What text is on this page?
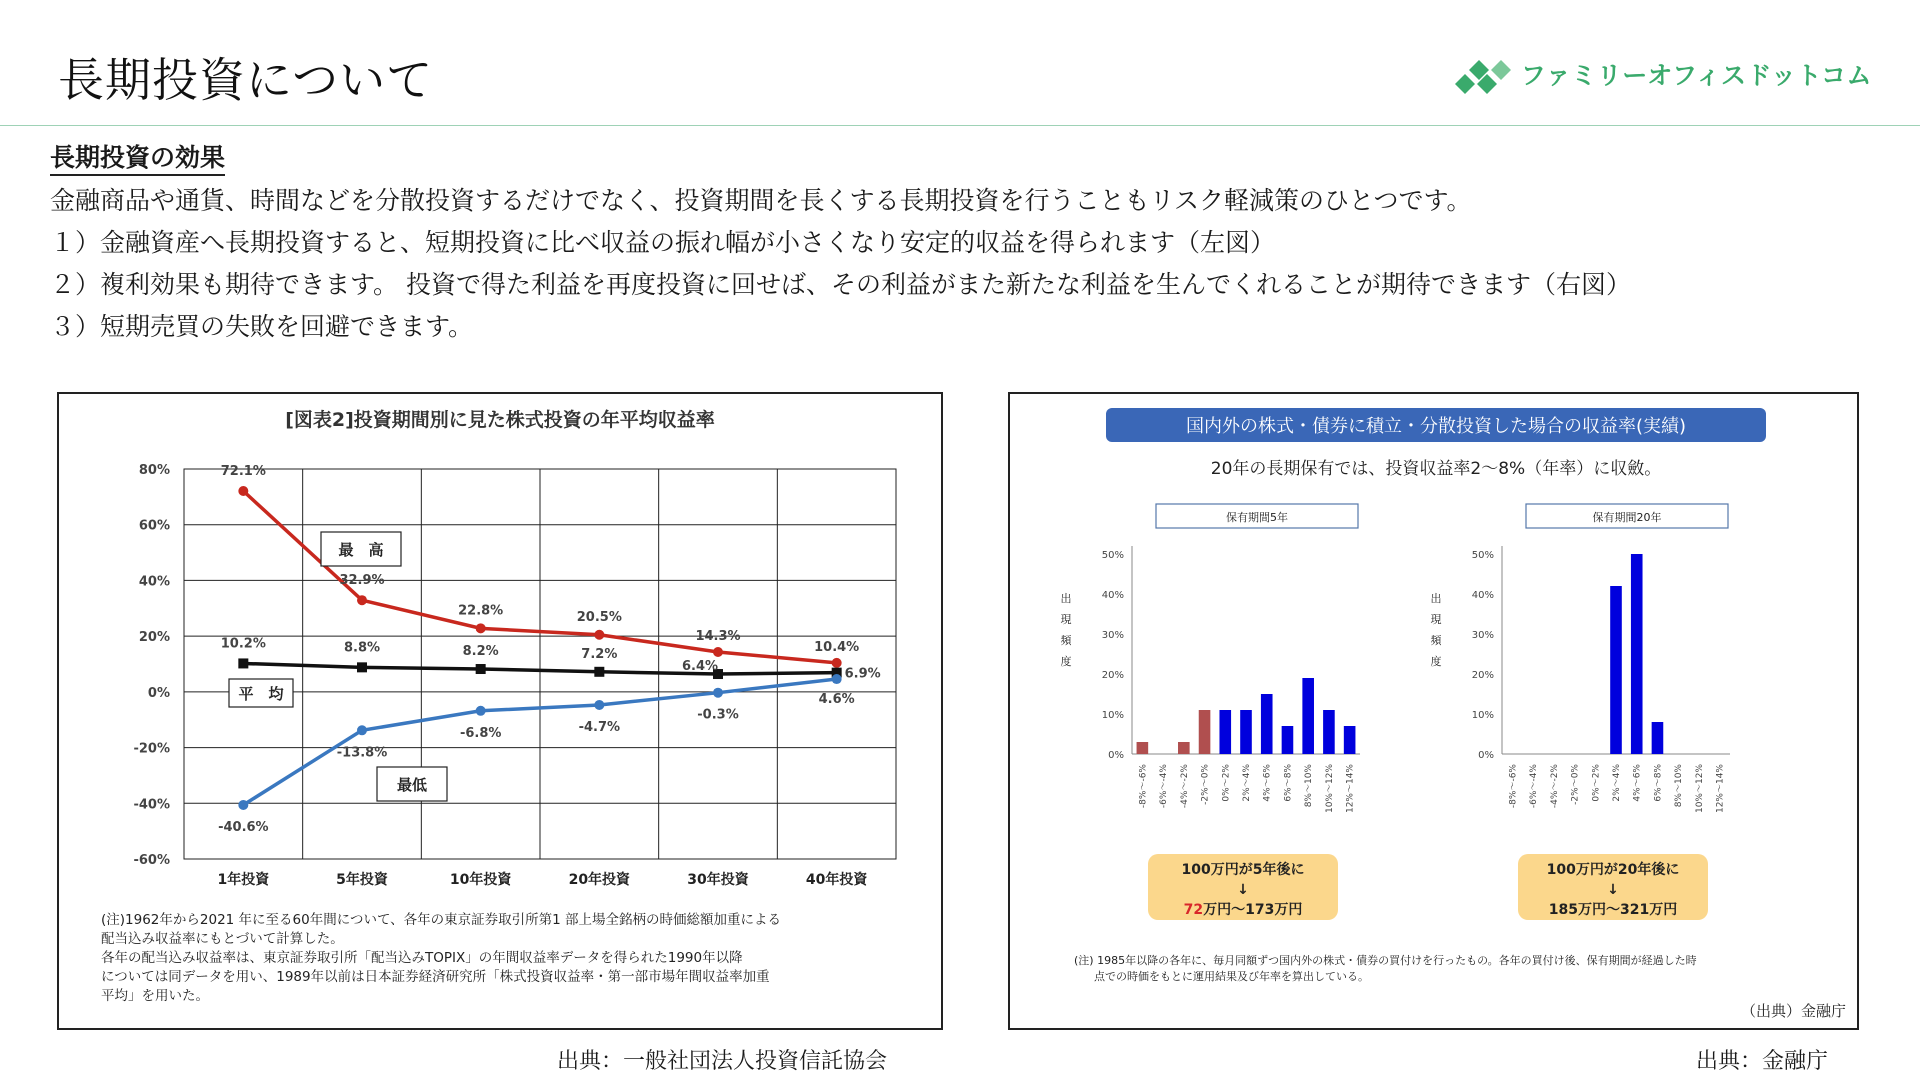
長期投資について	ファミリーオフィスドットコム
長期投資の効果
金融商品や通貨、時間などを分散投資するだけでなく、投資期間を長くする長期投資を行うこともリスク軽減策のひとつです。
１）金融資産へ長期投資すると、短期投資に比べ収益の振れ幅が小さくなり安定的収益を得られます（左図）
２）複利効果も期待できます。 投資で得た利益を再度投資に回せば、その利益がまた新たな利益を生んでくれることが期待できます（右図）
３）短期売買の失敗を回避できます。
[図表2]投資期間別に見た株式投資の年平均収益率
80%
60%
40%
20%
0%
-20%
-40%
-60%
1年投資	5年投資	10年投資	20年投資	30年投資	40年投資
72.1%
32.9%
22.8%	20.5%
14.3%
10.4%
10.2%	8.8%	8.2%	7.2%
6.4%
6.9%
-40.6%
-13.8%
-6.8%	-4.7%
-0.3%
4.6%
最　高
平　均
最低
(注)1962年から2021 年に至る60年間について、各年の東京証券取引所第1 部上場全銘柄の時価総額加重による
配当込み収益率にもとづいて計算した。
各年の配当込み収益率は、東京証券取引所「配当込みTOPIX」の年間収益率データを得られた1990年以降
については同データを用い、1989年以前は日本証券経済研究所「株式投資収益率・第一部市場年間収益率加重
平均」を用いた。
国内外の株式・債券に積立・分散投資した場合の収益率(実績)
20年の長期保有では、投資収益率2～8%（年率）に収斂。
保有期間5年
出
現
頻
度
50%
40%
30%
20%
10%
0%
-8%～-6% -6%～-4% -4%～-2% -2%～0% 0%～2% 2%～4% 4%～6% 6%～8% 8%～10% 10%～12% 12%～14%
100万円が5年後に
↓
72万円～173万円
保有期間20年
出
現
頻
度
50%
40%
30%
20%
10%
0%
-8%～-6% -6%～-4% -4%～-2% -2%～0% 0%～2% 2%～4% 4%～6% 6%～8% 8%～10% 10%～12% 12%～14%
100万円が20年後に
↓
185万円～321万円
(注) 1985年以降の各年に、毎月同額ずつ国内外の株式・債券の買付けを行ったもの。各年の買付け後、保有期間が経過した時
点での時価をもとに運用結果及び年率を算出している。
（出典）金融庁
出典：一般社団法人投資信託協会	出典：金融庁
